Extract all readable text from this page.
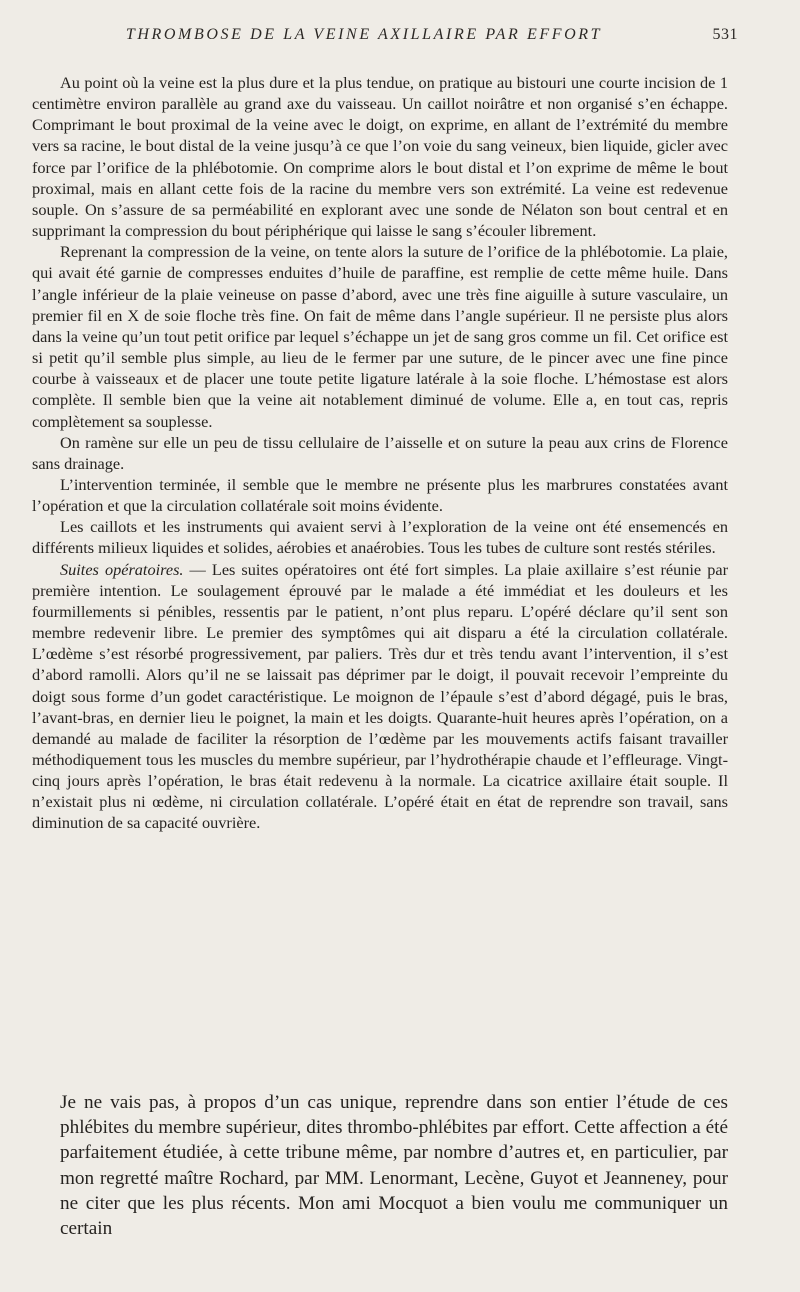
THROMBOSE DE LA VEINE AXILLAIRE PAR EFFORT	531

Au point où la veine est la plus dure et la plus tendue, on pratique au bistouri une courte incision de 1 centimètre environ parallèle au grand axe du vaisseau. Un caillot noirâtre et non organisé s’en échappe. Comprimant le bout proximal de la veine avec le doigt, on exprime, en allant de l’extrémité du membre vers sa racine, le bout distal de la veine jusqu’à ce que l’on voie du sang veineux, bien liquide, gicler avec force par l’orifice de la phlébotomie. On comprime alors le bout distal et l’on exprime de même le bout proximal, mais en allant cette fois de la racine du membre vers son extrémité. La veine est redevenue souple. On s’assure de sa perméabilité en explorant avec une sonde de Nélaton son bout central et en supprimant la compression du bout périphérique qui laisse le sang s’écouler librement.

Reprenant la compression de la veine, on tente alors la suture de l’orifice de la phlébotomie. La plaie, qui avait été garnie de compresses enduites d’huile de paraffine, est remplie de cette même huile. Dans l’angle inférieur de la plaie veineuse on passe d’abord, avec une très fine aiguille à suture vasculaire, un premier fil en X de soie floche très fine. On fait de même dans l’angle supérieur. Il ne persiste plus alors dans la veine qu’un tout petit orifice par lequel s’échappe un jet de sang gros comme un fil. Cet orifice est si petit qu’il semble plus simple, au lieu de le fermer par une suture, de le pincer avec une fine pince courbe à vaisseaux et de placer une toute petite ligature latérale à la soie floche. L’hémostase est alors complète. Il semble bien que la veine ait notablement diminué de volume. Elle a, en tout cas, repris complètement sa souplesse.

On ramène sur elle un peu de tissu cellulaire de l’aisselle et on suture la peau aux crins de Florence sans drainage.

L’intervention terminée, il semble que le membre ne présente plus les marbrures constatées avant l’opération et que la circulation collatérale soit moins évidente.

Les caillots et les instruments qui avaient servi à l’exploration de la veine ont été ensemencés en différents milieux liquides et solides, aérobies et anaérobies. Tous les tubes de culture sont restés stériles.

Suites opératoires. — Les suites opératoires ont été fort simples. La plaie axillaire s’est réunie par première intention. Le soulagement éprouvé par le malade a été immédiat et les douleurs et les fourmillements si pénibles, ressentis par le patient, n’ont plus reparu. L’opéré déclare qu’il sent son membre redevenir libre. Le premier des symptômes qui ait disparu a été la circulation collatérale. L’œdème s’est résorbé progressivement, par paliers. Très dur et très tendu avant l’intervention, il s’est d’abord ramolli. Alors qu’il ne se laissait pas déprimer par le doigt, il pouvait recevoir l’empreinte du doigt sous forme d’un godet caractéristique. Le moignon de l’épaule s’est d’abord dégagé, puis le bras, l’avant-bras, en dernier lieu le poignet, la main et les doigts. Quarante-huit heures après l’opération, on a demandé au malade de faciliter la résorption de l’œdème par les mouvements actifs faisant travailler méthodiquement tous les muscles du membre supérieur, par l’hydrothérapie chaude et l’effleurage. Vingt-cinq jours après l’opération, le bras était redevenu à la normale. La cicatrice axillaire était souple. Il n’existait plus ni œdème, ni circulation collatérale. L’opéré était en état de reprendre son travail, sans diminution de sa capacité ouvrière.

Je ne vais pas, à propos d’un cas unique, reprendre dans son entier l’étude de ces phlébites du membre supérieur, dites thrombo-phlébites par effort. Cette affection a été parfaitement étudiée, à cette tribune même, par nombre d’autres et, en particulier, par mon regretté maître Rochard, par MM. Lenormant, Lecène, Guyot et Jeanneney, pour ne citer que les plus récents. Mon ami Mocquot a bien voulu me communiquer un certain
